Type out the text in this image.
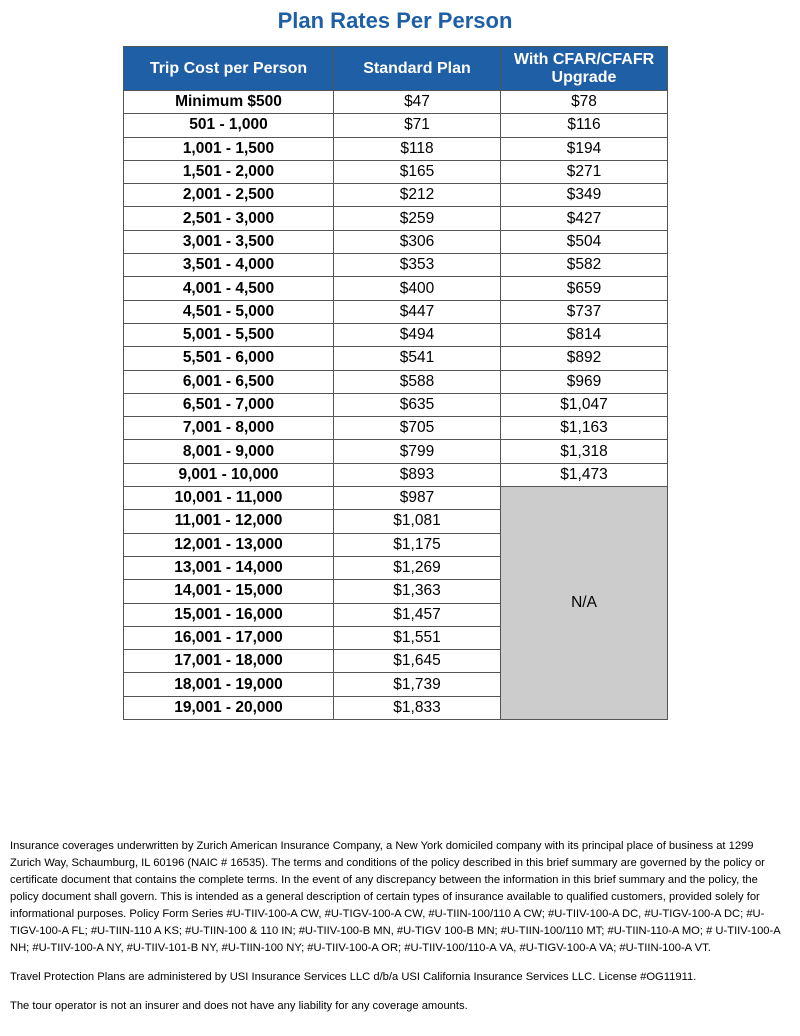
Plan Rates Per Person
Trip Cost per Person	Standard Plan	With CFAR/CFAFR Upgrade
Minimum $500	$47	$78
501 - 1,000	$71	$116
1,001 - 1,500	$118	$194
1,501 - 2,000	$165	$271
2,001 - 2,500	$212	$349
2,501 - 3,000	$259	$427
3,001 - 3,500	$306	$504
3,501 - 4,000	$353	$582
4,001 - 4,500	$400	$659
4,501 - 5,000	$447	$737
5,001 - 5,500	$494	$814
5,501 - 6,000	$541	$892
6,001 - 6,500	$588	$969
6,501 - 7,000	$635	$1,047
7,001 - 8,000	$705	$1,163
8,001 - 9,000	$799	$1,318
9,001 - 10,000	$893	$1,473
10,001 - 11,000	$987	N/A
11,001 - 12,000	$1,081	
12,001 - 13,000	$1,175	
13,001 - 14,000	$1,269	
14,001 - 15,000	$1,363	
15,001 - 16,000	$1,457	
16,001 - 17,000	$1,551	
17,001 - 18,000	$1,645	
18,001 - 19,000	$1,739	
19,001 - 20,000	$1,833	

Insurance coverages underwritten by Zurich American Insurance Company, a New York domiciled company with its principal place of business at 1299 Zurich Way, Schaumburg, IL 60196 (NAIC # 16535). The terms and conditions of the policy described in this brief summary are governed by the policy or certificate document that contains the complete terms. In the event of any discrepancy between the information in this brief summary and the policy, the policy document shall govern. This is intended as a general description of certain types of insurance available to qualified customers, provided solely for informational purposes. Policy Form Series #U-TIIV-100-A CW, #U-TIGV-100-A CW, #U-TIIN-100/110 A CW; #U-TIIV-100-A DC, #U-TIGV-100-A DC; #U-TIGV-100-A FL; #U-TIIN-110 A KS; #U-TIIN-100 & 110 IN; #U-TIIV-100-B MN, #U-TIGV 100-B MN; #U-TIIN-100/110 MT; #U-TIIN-110-A MO; # U-TIIV-100-A NH; #U-TIIV-100-A NY, #U-TIIV-101-B NY, #U-TIIN-100 NY; #U-TIIV-100-A OR; #U-TIIV-100/110-A VA, #U-TIGV-100-A VA; #U-TIIN-100-A VT.

Travel Protection Plans are administered by USI Insurance Services LLC d/b/a USI California Insurance Services LLC. License #OG11911.

The tour operator is not an insurer and does not have any liability for any coverage amounts.
